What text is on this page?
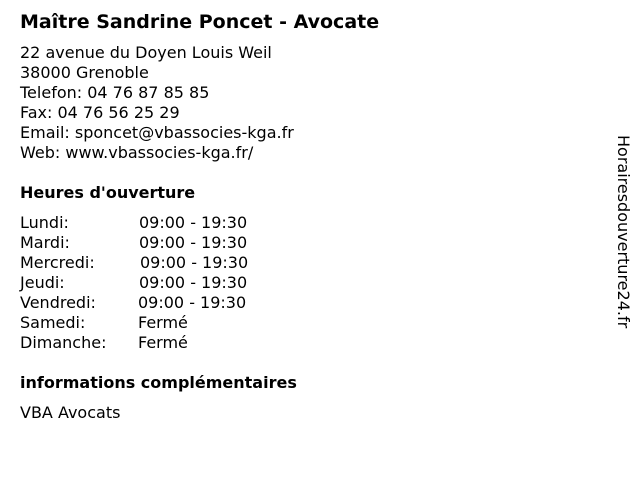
Maître Sandrine Poncet - Avocate
22 avenue du Doyen Louis Weil
38000 Grenoble
Telefon: 04 76 87 85 85
Fax: 04 76 56 25 29
Email: sponcet@vbassocies-kga.fr
Web: www.vbassocies-kga.fr/
Heures d'ouverture
Lundi:	09:00 - 19:30
Mardi:	09:00 - 19:30
Mercredi:	09:00 - 19:30
Jeudi:	09:00 - 19:30
Vendredi:	09:00 - 19:30
Samedi:	Fermé
Dimanche: Fermé
informations complémentaires
VBA Avocats
Horairesdouverture24.fr
